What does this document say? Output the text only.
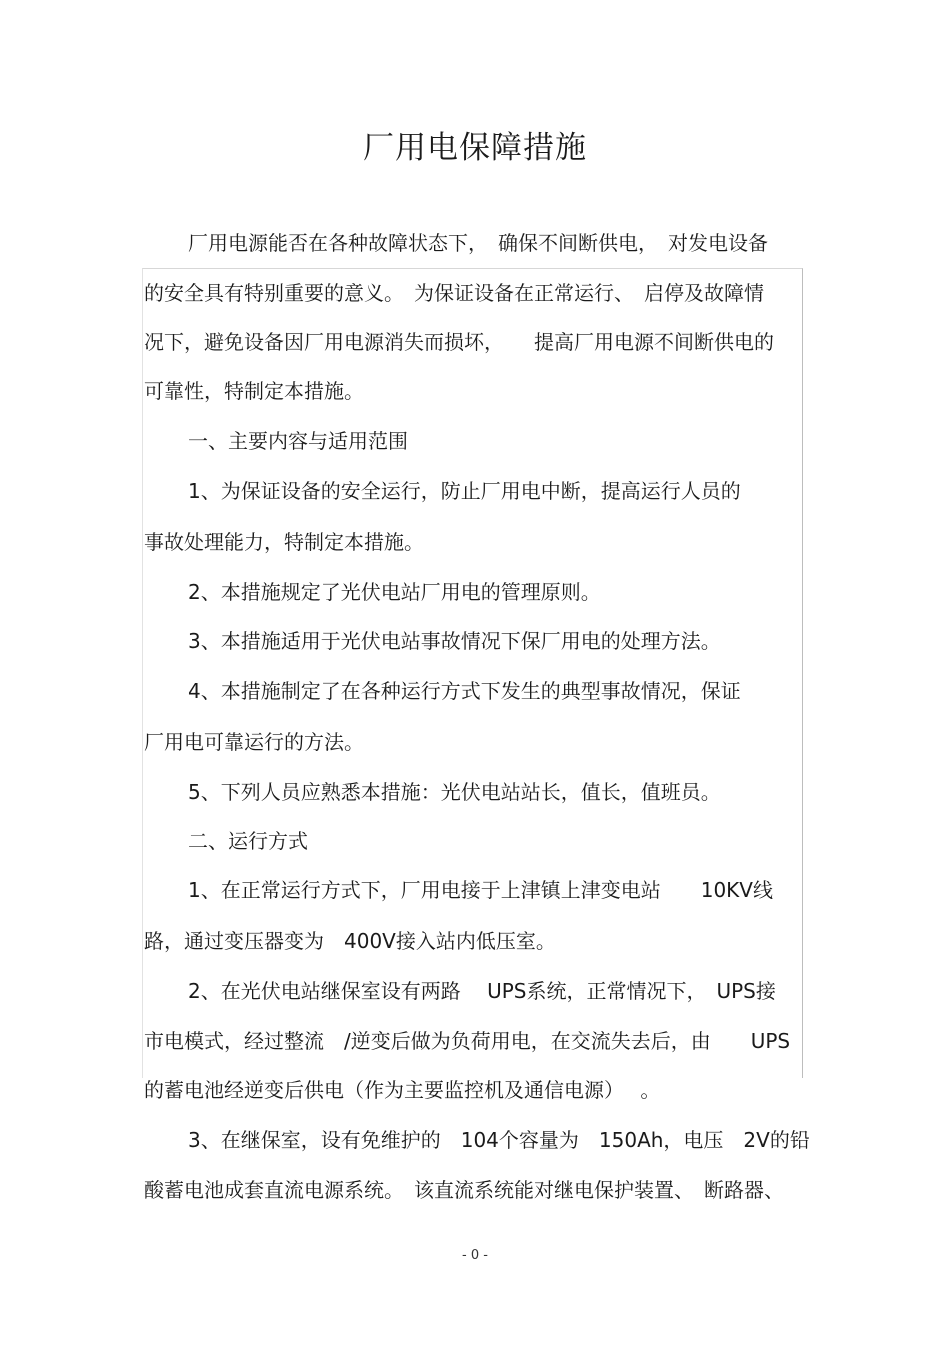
厂用电保障措施
厂用电源能否在各种故障状态下，　确保不间断供电，　对发电设备
的安全具有特别重要的意义。　为保证设备在正常运行、　启停及故障情
况下，避免设备因厂用电源消失而损坏，　　提高厂用电源不间断供电的
可靠性，特制定本措施。
一、主要内容与适用范围
1、为保证设备的安全运行，防止厂用电中断，提高运行人员的
事故处理能力，特制定本措施。
2、本措施规定了光伏电站厂用电的管理原则。
3、本措施适用于光伏电站事故情况下保厂用电的处理方法。
4、本措施制定了在各种运行方式下发生的典型事故情况，保证
厂用电可靠运行的方法。
5、下列人员应熟悉本措施：光伏电站站长，值长，值班员。
二、运行方式
1、在正常运行方式下，厂用电接于上津镇上津变电站　　10KV线
路，通过变压器变为　400V接入站内低压室。
2、在光伏电站继保室设有两路　 UPS系统，正常情况下，　UPS接
市电模式，经过整流　/逆变后做为负荷用电，在交流失去后，由　　UPS
的蓄电池经逆变后供电（作为主要监控机及通信电源）　 。
3、在继保室，设有免维护的　104个容量为　150Ah，电压　2V的铅
酸蓄电池成套直流电源系统。　该直流系统能对继电保护装置、　断路器、
- 0 -
